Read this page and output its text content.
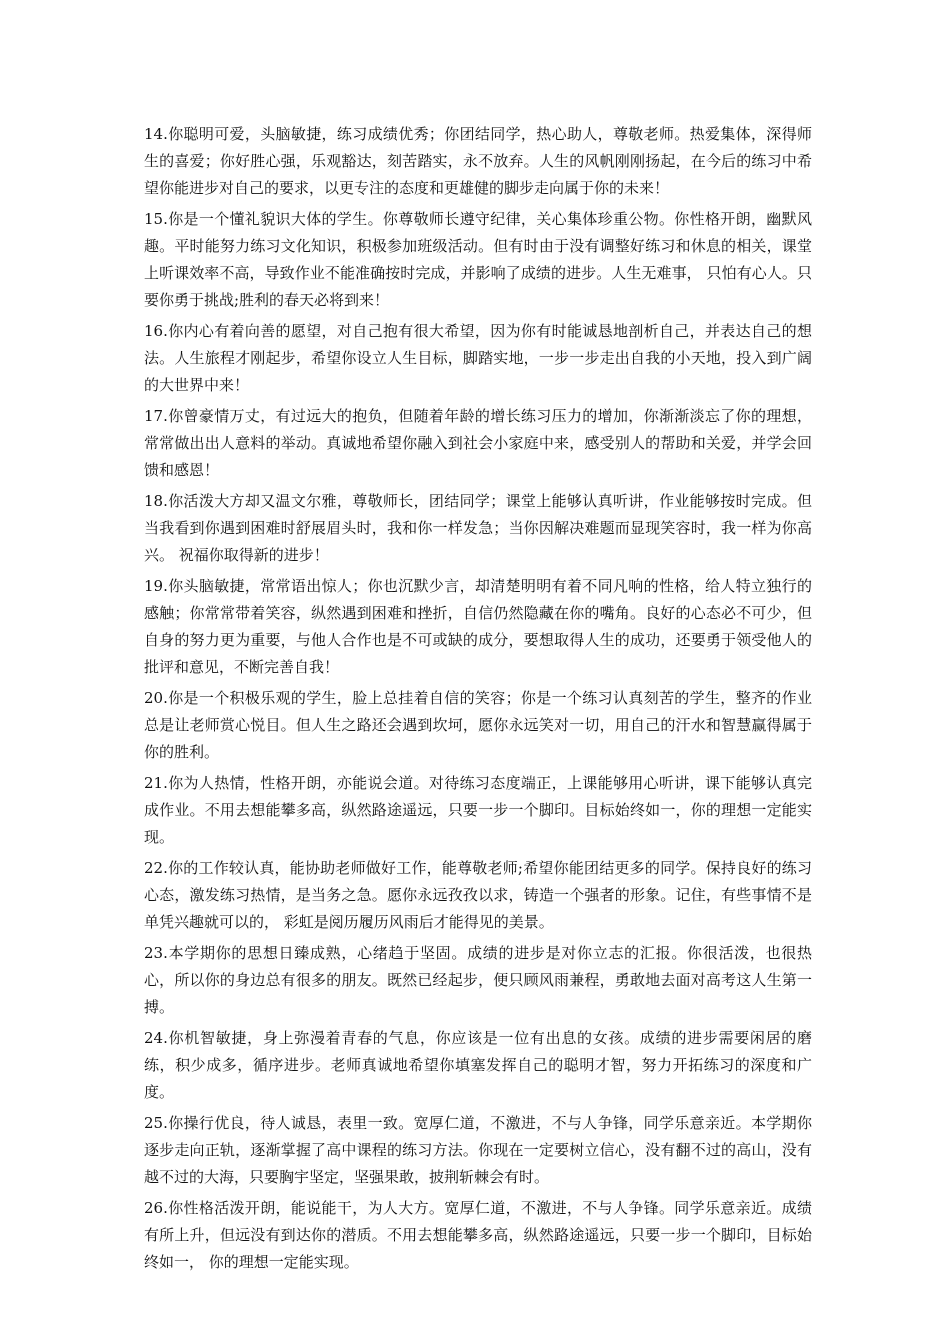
14.你聪明可爱，头脑敏捷，练习成绩优秀；你团结同学，热心助人，尊敬老师。热爱集体，深得师生的喜爱；你好胜心强，乐观豁达，刻苦踏实，永不放弃。人生的风帆刚刚扬起，在今后的练习中希望你能进步对自己的要求，以更专注的态度和更雄健的脚步走向属于你的未来！

15.你是一个懂礼貌识大体的学生。你尊敬师长遵守纪律，关心集体珍重公物。你性格开朗，幽默风趣。平时能努力练习文化知识，积极参加班级活动。但有时由于没有调整好练习和休息的相关，课堂上听课效率不高，导致作业不能准确按时完成，并影响了成绩的进步。人生无难事， 只怕有心人。只要你勇于挑战;胜利的春天必将到来！

16.你内心有着向善的愿望，对自己抱有很大希望，因为你有时能诚恳地剖析自己，并表达自己的想法。人生旅程才刚起步，希望你设立人生目标，脚踏实地，一步一步走出自我的小天地，投入到广阔的大世界中来！

17.你曾豪情万丈，有过远大的抱负，但随着年龄的增长练习压力的增加，你渐渐淡忘了你的理想，常常做出出人意料的举动。真诚地希望你融入到社会小家庭中来，感受别人的帮助和关爱，并学会回馈和感恩！

18.你活泼大方却又温文尔雅，尊敬师长，团结同学；课堂上能够认真听讲，作业能够按时完成。但当我看到你遇到困难时舒展眉头时，我和你一样发急；当你因解决难题而显现笑容时，我一样为你高兴。 祝福你取得新的进步！

19.你头脑敏捷，常常语出惊人；你也沉默少言，却清楚明明有着不同凡响的性格，给人特立独行的感触；你常常带着笑容，纵然遇到困难和挫折，自信仍然隐藏在你的嘴角。良好的心态必不可少，但自身的努力更为重要，与他人合作也是不可或缺的成分，要想取得人生的成功，还要勇于领受他人的批评和意见，不断完善自我！

20.你是一个积极乐观的学生，脸上总挂着自信的笑容；你是一个练习认真刻苦的学生，整齐的作业总是让老师赏心悦目。但人生之路还会遇到坎坷，愿你永远笑对一切，用自己的汗水和智慧赢得属于你的胜利。

21.你为人热情，性格开朗，亦能说会道。对待练习态度端正，上课能够用心听讲，课下能够认真完成作业。不用去想能攀多高，纵然路途遥远，只要一步一个脚印。目标始终如一，你的理想一定能实现。

22.你的工作较认真，能协助老师做好工作，能尊敬老师;希望你能团结更多的同学。保持良好的练习心态，激发练习热情，是当务之急。愿你永远孜孜以求，铸造一个强者的形象。记住，有些事情不是单凭兴趣就可以的， 彩虹是阅历履历风雨后才能得见的美景。

23.本学期你的思想日臻成熟，心绪趋于坚固。成绩的进步是对你立志的汇报。你很活泼，也很热心，所以你的身边总有很多的朋友。既然已经起步，便只顾风雨兼程，勇敢地去面对高考这人生第一搏。

24.你机智敏捷，身上弥漫着青春的气息，你应该是一位有出息的女孩。成绩的进步需要闲居的磨练，积少成多，循序进步。老师真诚地希望你填塞发挥自己的聪明才智，努力开拓练习的深度和广度。

25.你操行优良，待人诚恳，表里一致。宽厚仁道，不激进，不与人争锋，同学乐意亲近。本学期你逐步走向正轨，逐渐掌握了高中课程的练习方法。你现在一定要树立信心，没有翻不过的高山，没有越不过的大海，只要胸宇坚定，坚强果敢，披荆斩棘会有时。

26.你性格活泼开朗，能说能干，为人大方。宽厚仁道，不激进，不与人争锋。同学乐意亲近。成绩有所上升，但远没有到达你的潜质。不用去想能攀多高，纵然路途遥远，只要一步一个脚印，目标始终如一， 你的理想一定能实现。
